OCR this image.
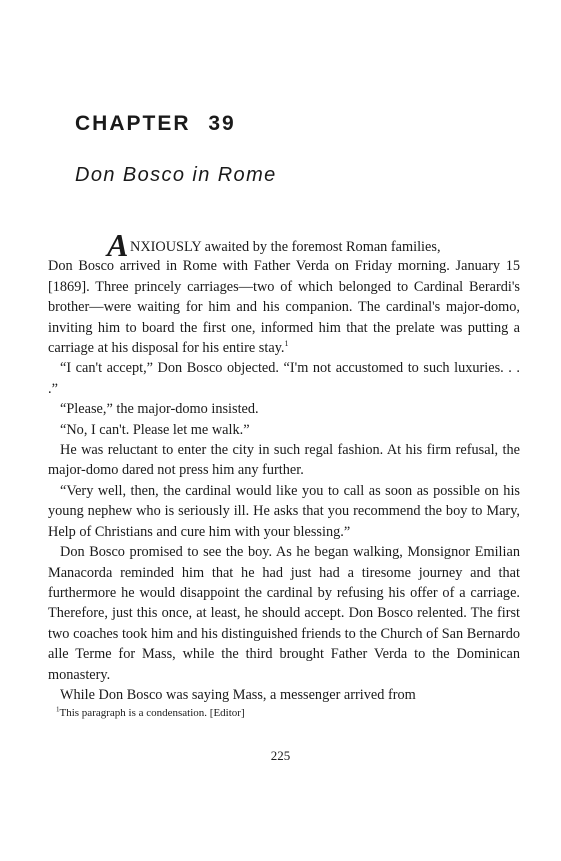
CHAPTER 39
Don Bosco in Rome
A NXIOUSLY awaited by the foremost Roman families,

Don Bosco arrived in Rome with Father Verda on Friday morning. January 15 [1869]. Three princely carriages—two of which belonged to Cardinal Berardi's brother—were waiting for him and his companion. The cardinal's major-domo, inviting him to board the first one, informed him that the prelate was putting a carriage at his disposal for his entire stay.$^1$

“I can't accept,” Don Bosco objected. “I'm not accustomed to such luxuries. . . .”

“Please,” the major-domo insisted.

“No, I can't. Please let me walk.”

He was reluctant to enter the city in such regal fashion. At his firm refusal, the major-domo dared not press him any further.

“Very well, then, the cardinal would like you to call as soon as possible on his young nephew who is seriously ill. He asks that you recommend the boy to Mary, Help of Christians and cure him with your blessing.”

Don Bosco promised to see the boy. As he began walking, Monsignor Emilian Manacorda reminded him that he had just had a tiresome journey and that furthermore he would disappoint the cardinal by refusing his offer of a carriage. Therefore, just this once, at least, he should accept. Don Bosco relented. The first two coaches took him and his distinguished friends to the Church of San Bernardo alle Terme for Mass, while the third brought Father Verda to the Dominican monastery.

While Don Bosco was saying Mass, a messenger arrived from

$^1$This paragraph is a condensation. [Editor]
225
